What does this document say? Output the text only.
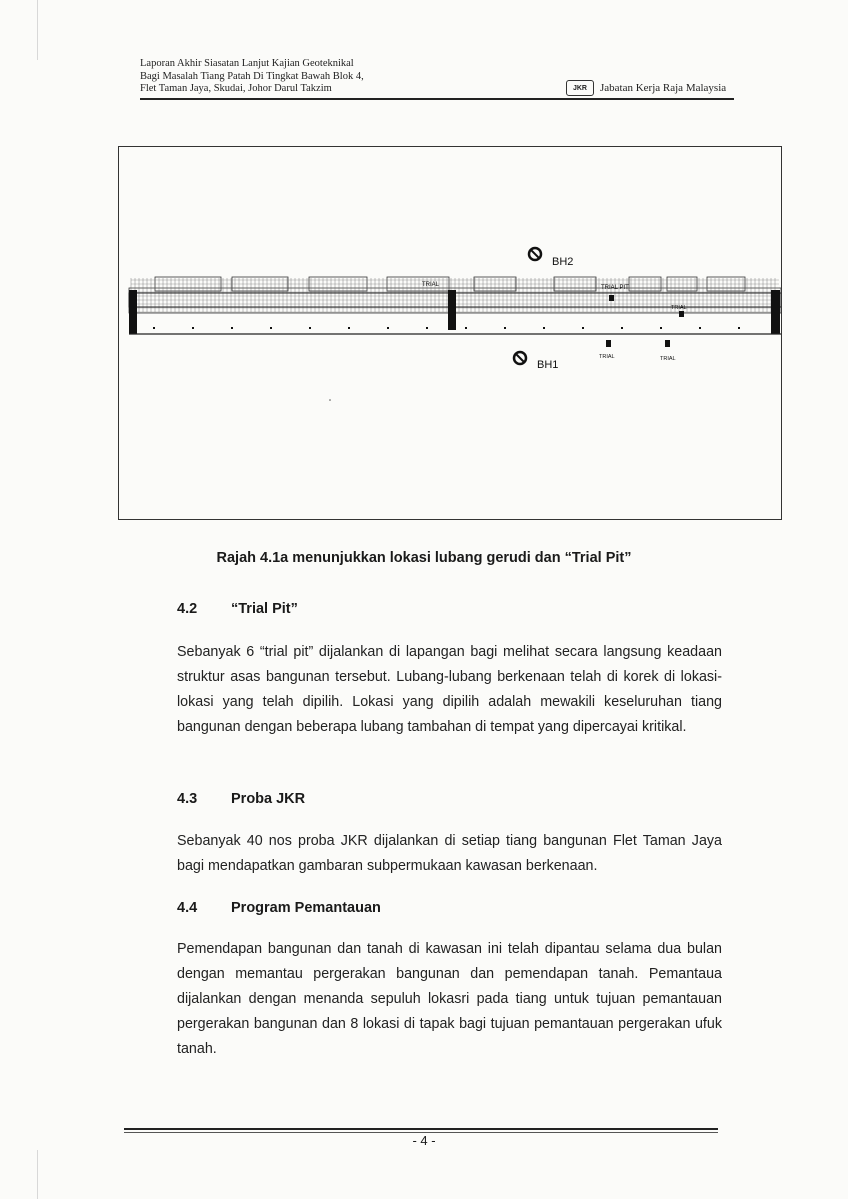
Laporan Akhir Siasatan Lanjut Kajian Geoteknikal
Bagi Masalah Tiang Patah Di Tingkat Bawah Blok 4,
Flet Taman Jaya, Skudai, Johor Darul Takzim	JKR	Jabatan Kerja Raja Malaysia
BH2
BH1
TRIAL	TRIAL
TRIAL PIT
TRIAL
TRIAL
Rajah 4.1a menunjukkan lokasi lubang gerudi dan “Trial Pit”
4.2	“Trial Pit”
Sebanyak 6 “trial pit” dijalankan di lapangan bagi melihat secara langsung keadaan struktur asas bangunan tersebut. Lubang-lubang berkenaan telah di korek di lokasi-lokasi yang telah dipilih. Lokasi yang dipilih adalah mewakili keseluruhan tiang bangunan dengan beberapa lubang tambahan di tempat yang dipercayai kritikal.
4.3	Proba JKR
Sebanyak 40 nos proba JKR dijalankan di setiap tiang bangunan Flet Taman Jaya bagi mendapatkan gambaran subpermukaan kawasan berkenaan.
4.4	Program Pemantauan
Pemendapan bangunan dan tanah di kawasan ini telah dipantau selama dua bulan dengan memantau pergerakan bangunan dan pemendapan tanah. Pemantaua dijalankan dengan menanda sepuluh lokasri pada tiang untuk tujuan pemantauan pergerakan bangunan dan 8 lokasi di tapak bagi tujuan pemantauan pergerakan ufuk tanah.
- 4 -
